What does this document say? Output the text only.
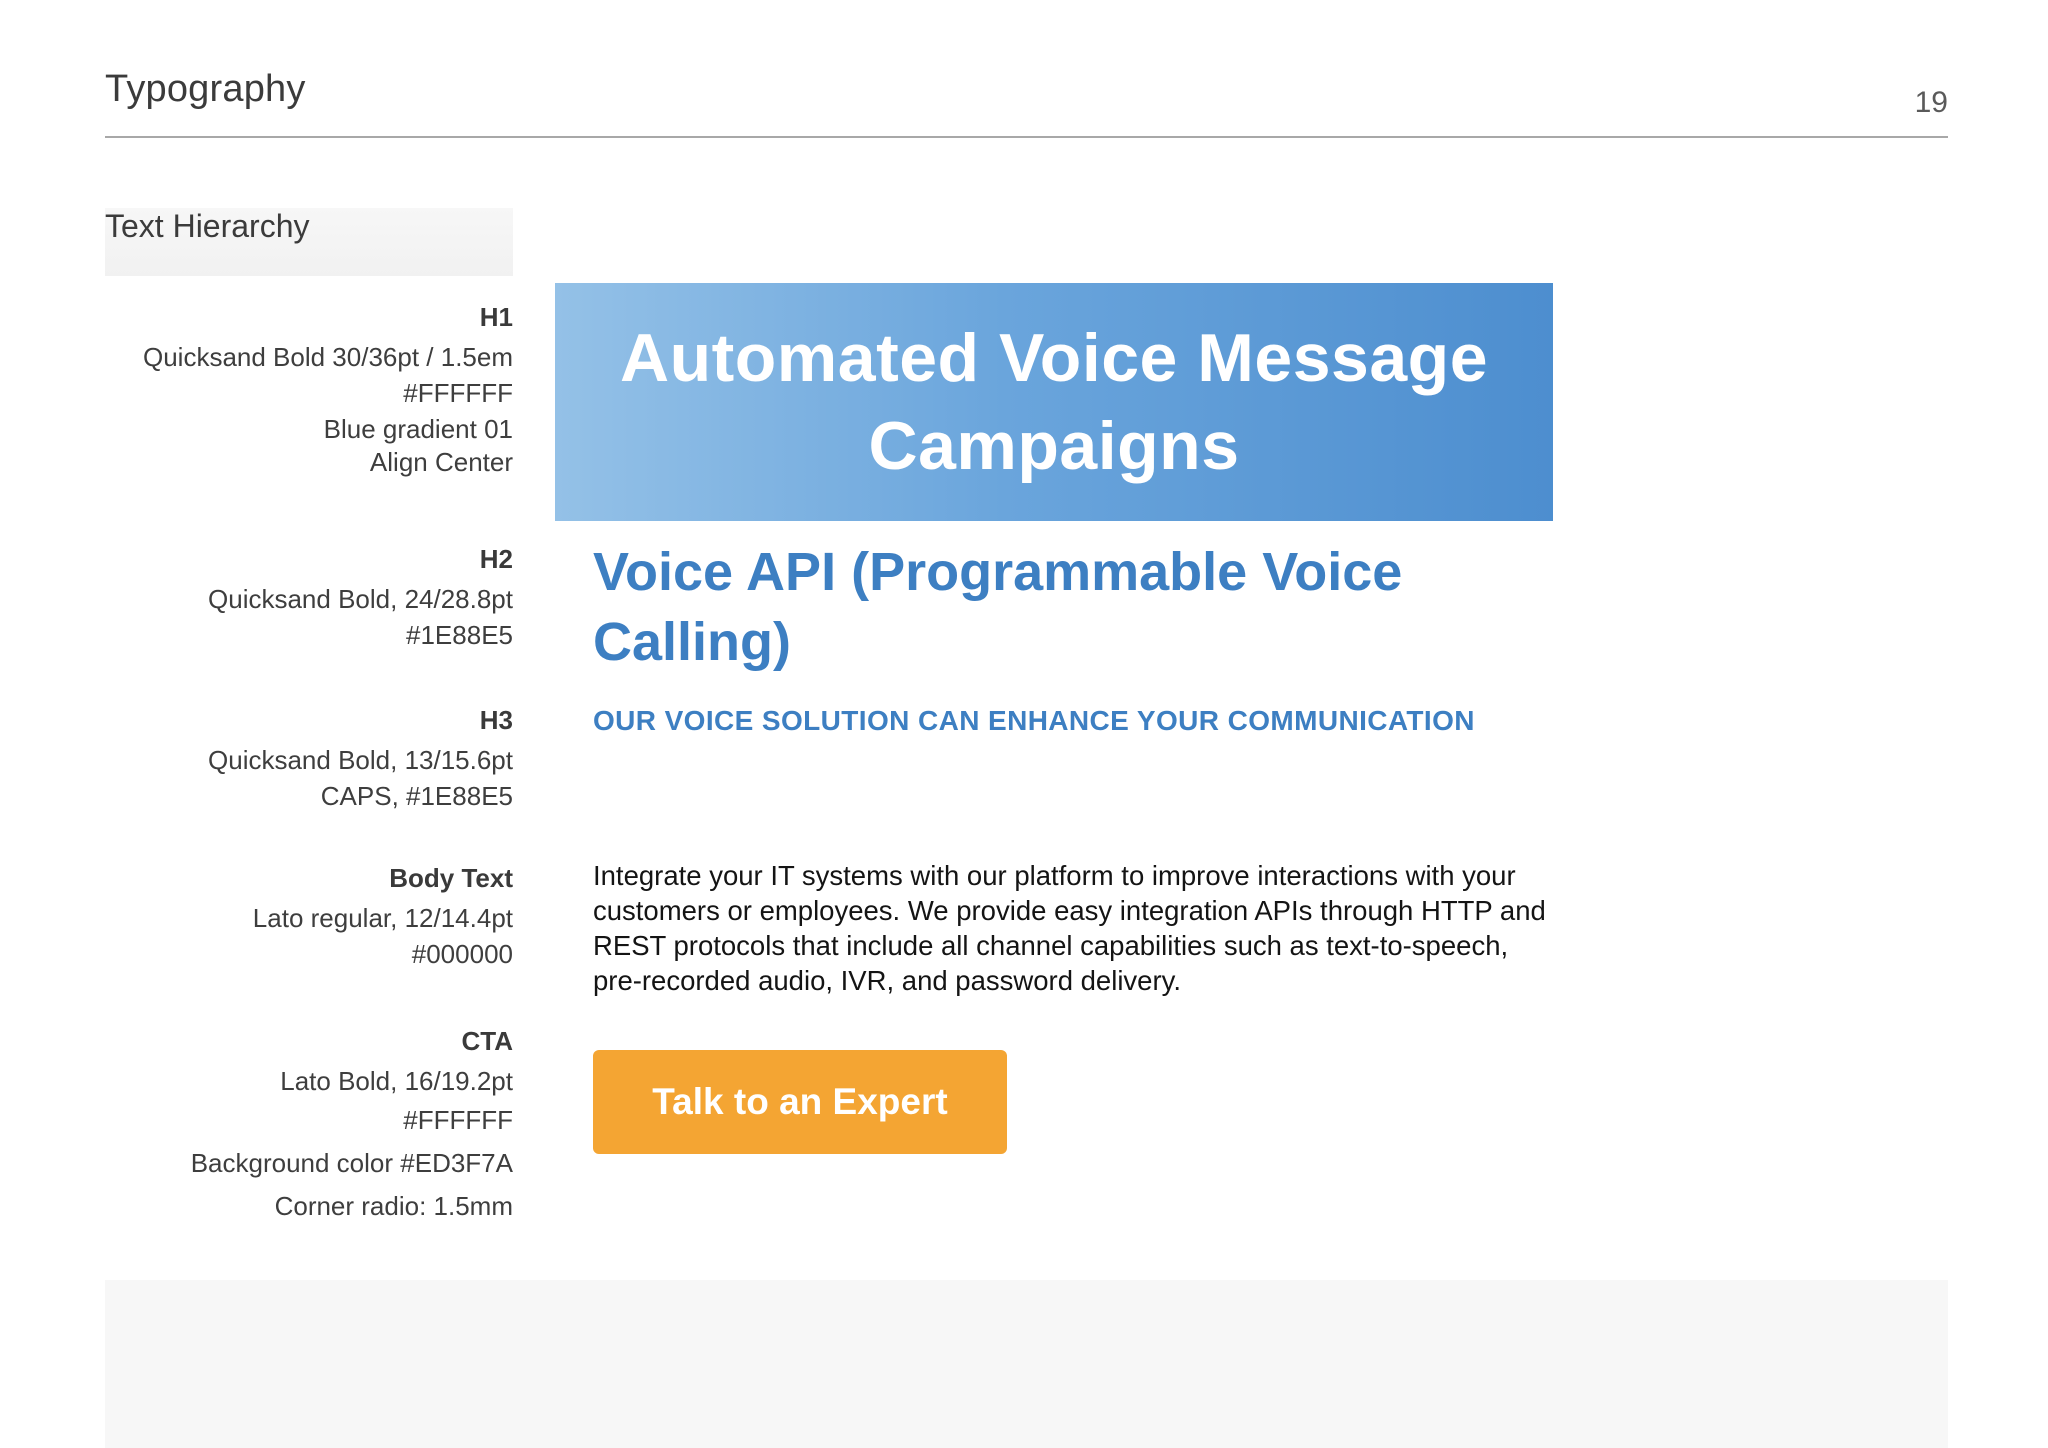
Typography	19
Text Hierarchy
H1
Quicksand Bold 30/36pt / 1.5em
#FFFFFF
Blue gradient 01
Align Center
H2
Quicksand Bold, 24/28.8pt
#1E88E5
H3
Quicksand Bold, 13/15.6pt
CAPS, #1E88E5
Body Text
Lato regular, 12/14.4pt
#000000
CTA
Lato Bold, 16/19.2pt
#FFFFFF
Background color #ED3F7A
Corner radio: 1.5mm
Automated Voice Message Campaigns
Voice API (Programmable Voice Calling)
OUR VOICE SOLUTION CAN ENHANCE YOUR COMMUNICATION
Integrate your IT systems with our platform to improve interactions with your customers or employees. We provide easy integration APIs through HTTP and REST protocols that include all channel capabilities such as text-to-speech, pre-recorded audio, IVR, and password delivery.
Talk to an Expert
